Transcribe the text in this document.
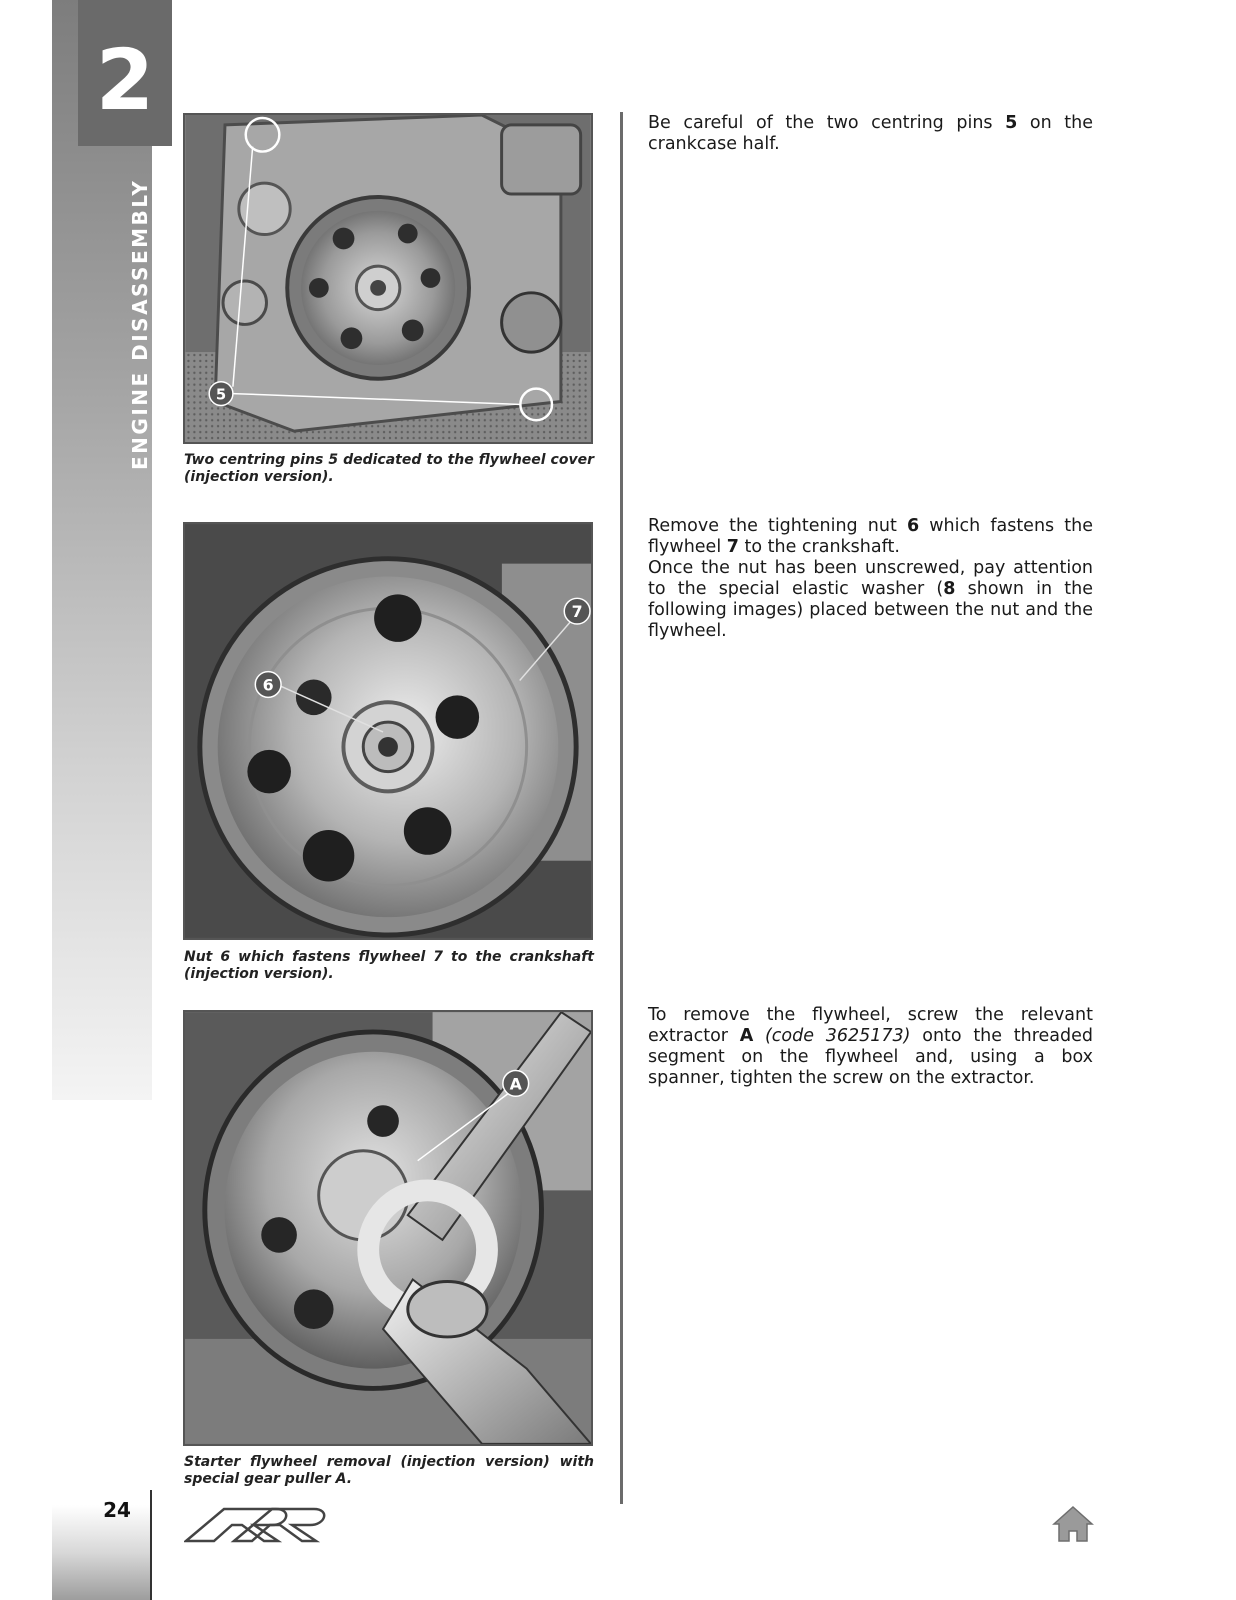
2
ENGINE DISASSEMBLY	5
Two centring pins 5 dedicated to the flywheel cover (injection version).

Be careful of the two centring pins 5 on the crankcase half.

7
6
Nut 6 which fastens flywheel 7 to the crankshaft (injection version).

Remove the tightening nut 6 which fastens the flywheel 7 to the crankshaft.

Once the nut has been unscrewed, pay attention to the special elastic washer (8 shown in the following images) placed between the nut and the flywheel.

A
Starter flywheel removal (injection version) with special gear puller A.

To remove the flywheel, screw the relevant extractor A (code 3625173) onto the threaded segment on the flywheel and, using a box spanner, tighten the screw on the extractor.

24
